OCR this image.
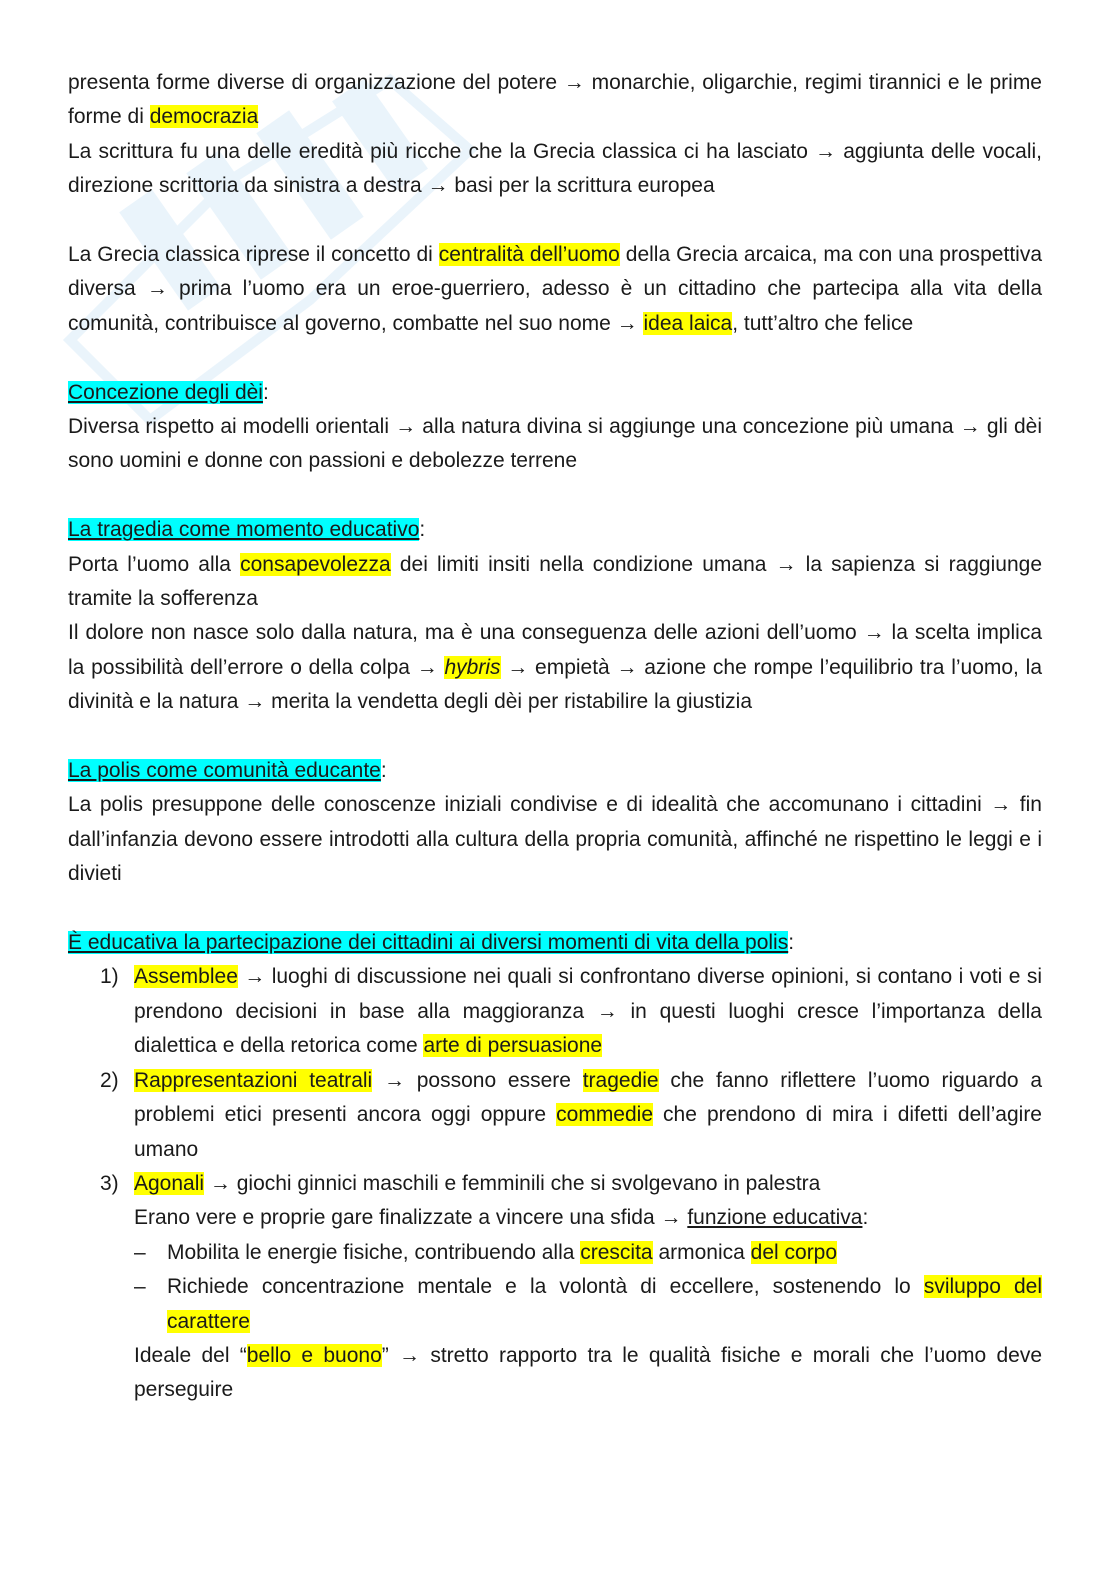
presenta forme diverse di organizzazione del potere → monarchie, oligarchie, regimi tirannici e le prime forme di democrazia

La scrittura fu una delle eredità più ricche che la Grecia classica ci ha lasciato → aggiunta delle vocali, direzione scrittoria da sinistra a destra → basi per la scrittura europea

La Grecia classica riprese il concetto di centralità dell’uomo della Grecia arcaica, ma con una prospettiva diversa → prima l’uomo era un eroe-guerriero, adesso è un cittadino che partecipa alla vita della comunità, contribuisce al governo, combatte nel suo nome → idea laica, tutt’altro che felice

Concezione degli dèi:

Diversa rispetto ai modelli orientali → alla natura divina si aggiunge una concezione più umana → gli dèi sono uomini e donne con passioni e debolezze terrene

La tragedia come momento educativo:

Porta l’uomo alla consapevolezza dei limiti insiti nella condizione umana → la sapienza si raggiunge tramite la sofferenza

Il dolore non nasce solo dalla natura, ma è una conseguenza delle azioni dell’uomo → la scelta implica la possibilità dell’errore o della colpa → hybris → empietà → azione che rompe l’equilibrio tra l’uomo, la divinità e la natura → merita la vendetta degli dèi per ristabilire la giustizia

La polis come comunità educante:

La polis presuppone delle conoscenze iniziali condivise e di idealità che accomunano i cittadini → fin dall’infanzia devono essere introdotti alla cultura della propria comunità, affinché ne rispettino le leggi e i divieti

È educativa la partecipazione dei cittadini ai diversi momenti di vita della polis:

1) Assemblee → luoghi di discussione nei quali si confrontano diverse opinioni, si contano i voti e si prendono decisioni in base alla maggioranza → in questi luoghi cresce l’importanza della dialettica e della retorica come arte di persuasione
2) Rappresentazioni teatrali → possono essere tragedie che fanno riflettere l’uomo riguardo a problemi etici presenti ancora oggi oppure commedie che prendono di mira i difetti dell’agire umano
3) Agonali → giochi ginnici maschili e femminili che si svolgevano in palestra

Erano vere e proprie gare finalizzate a vincere una sfida → funzione educativa:

– Mobilita le energie fisiche, contribuendo alla crescita armonica del corpo
– Richiede concentrazione mentale e la volontà di eccellere, sostenendo lo sviluppo del carattere

Ideale del “bello e buono” → stretto rapporto tra le qualità fisiche e morali che l’uomo deve perseguire
